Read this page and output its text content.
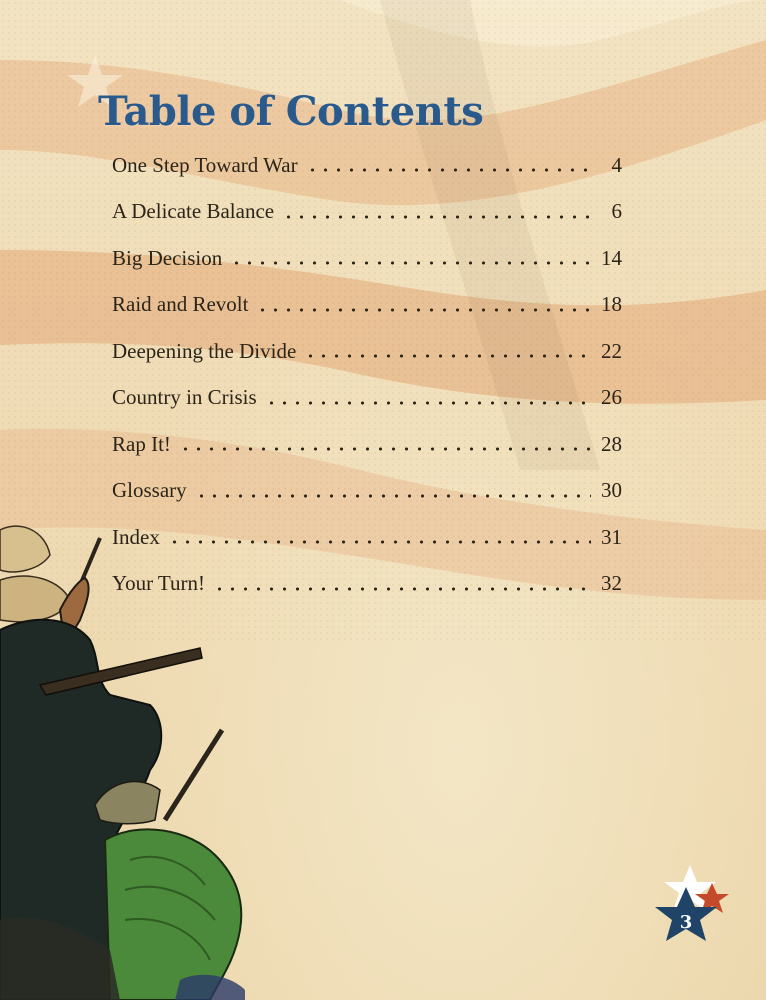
Table of Contents
One Step Toward War	4
A Delicate Balance	6
Big Decision	14
Raid and Revolt	18
Deepening the Divide	22
Country in Crisis	26
Rap It!	28
Glossary	30
Index	31
Your Turn!	32
3
